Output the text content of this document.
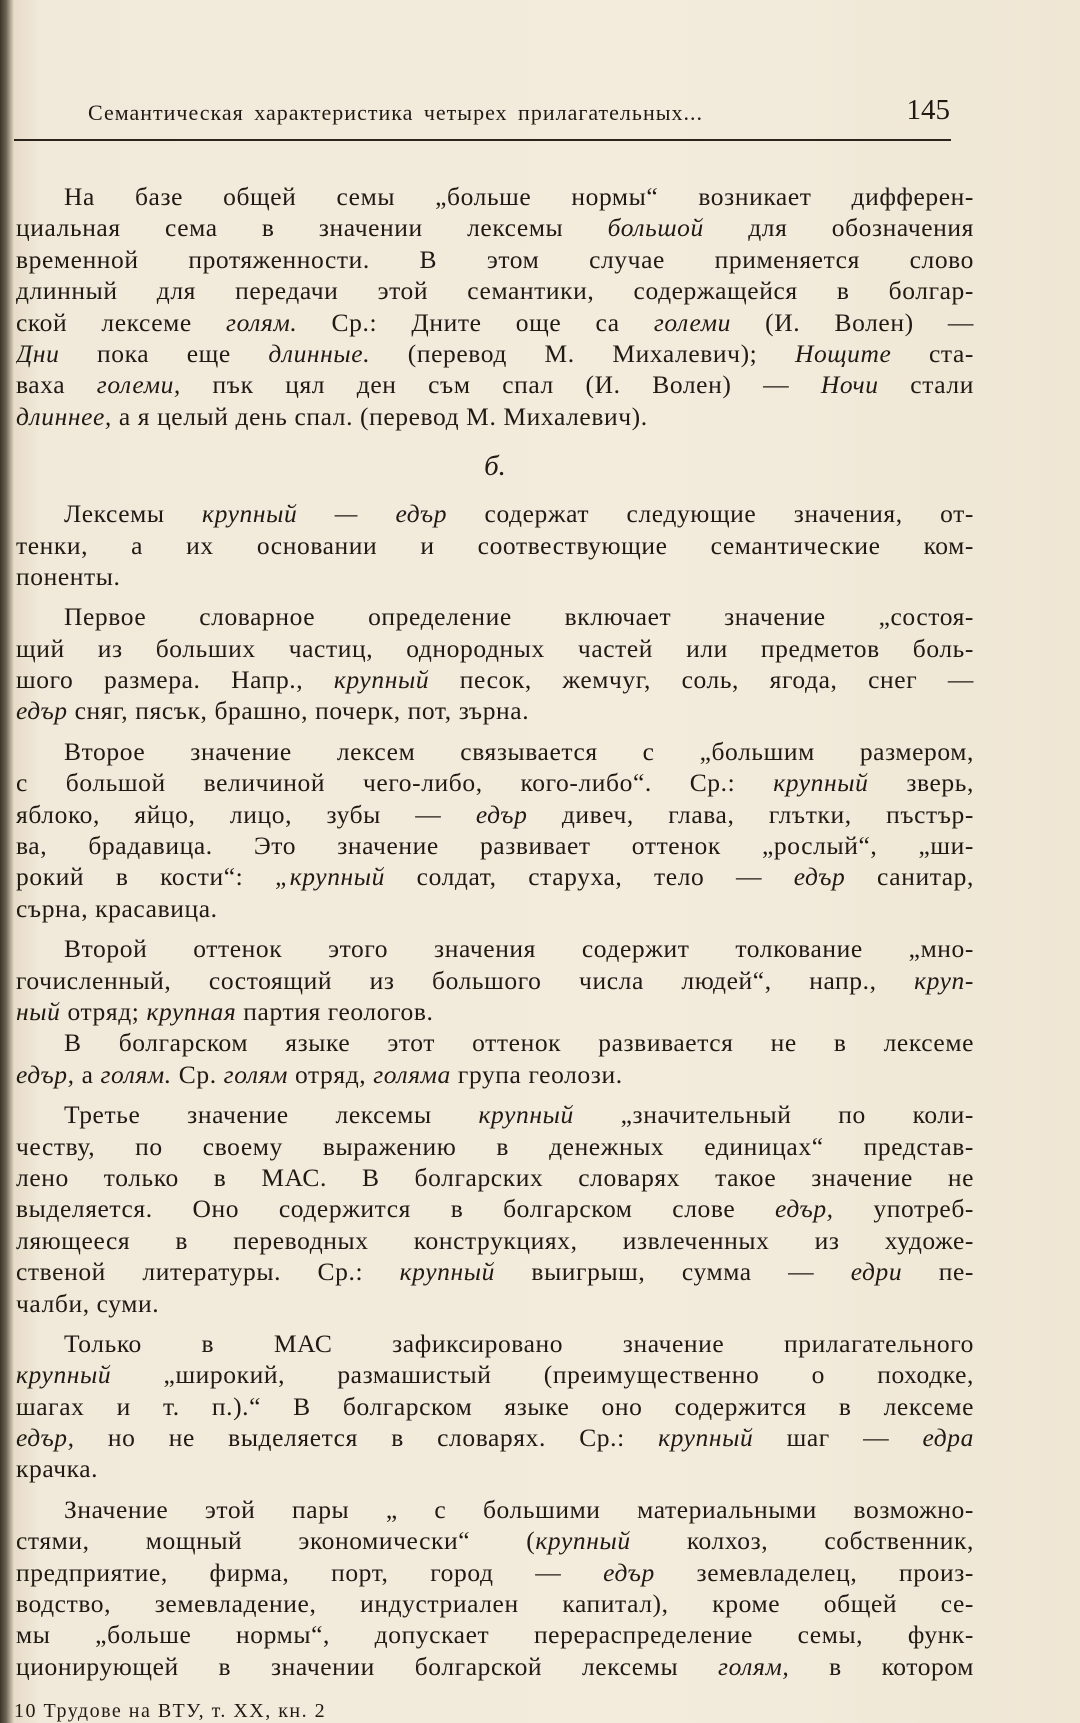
Семантическая характеристика четырех прилагательных...	145
На базе общей семы „больше нормы“ возникает дифферен-
циальная сема в значении лексемы большой для обозначения
временной протяженности. В этом случае применяется слово
длинный для передачи этой семантики, содержащейся в болгар-
ской лексеме голям. Ср.: Дните още са големи (И. Волен) —
Дни пока еще длинные. (перевод М. Михалевич); Нощите ста-
ваха големи, пък цял ден съм спал (И. Волен) — Ночи стали
длиннее, а я целый день спал. (перевод М. Михалевич).
б.
Лексемы крупный — едър содержат следующие значения, от-
тенки, а их основании и соотвествующие семантические ком-
поненты.
Первое словарное определение включает значение „состоя-
щий из больших частиц, однородных частей или предметов боль-
шого размера. Напр., крупный песок, жемчуг, соль, ягода, снег —
едър сняг, пясък, брашно, почерк, пот, зърна.
Второе значение лексем связывается с „большим размером,
с большой величиной чего-либо, кого-либо“. Ср.: крупный зверь,
яблоко, яйцо, лицо, зубы — едър дивеч, глава, глътки, пъстър-
ва, брадавица. Это значение развивает оттенок „рослый“, „ши-
рокий в кости“: „крупный солдат, старуха, тело — едър санитар,
сърна, красавица.
Второй оттенок этого значения содержит толкование „мно-
гочисленный, состоящий из большого числа людей“, напр., круп-
ный отряд; крупная партия геологов.
В болгарском языке этот оттенок развивается не в лексеме
едър, а голям. Ср. голям отряд, голяма група геолози.
Третье значение лексемы крупный „значительный по коли-
честву, по своему выражению в денежных единицах“ представ-
лено только в МАС. В болгарских словарях такое значение не
выделяется. Оно содержится в болгарском слове едър, употреб-
ляющееся в переводных конструкциях, извлеченных из художе-
ственой литературы. Ср.: крупный выигрыш, сумма — едри пе-
чалби, суми.
Только в МАС зафиксировано значение прилагательного
крупный „широкий, размашистый (преимущественно о походке,
шагах и т. п.).“ В болгарском языке оно содержится в лексеме
едър, но не выделяется в словарях. Ср.: крупный шаг — едра
крачка.
Значение этой пары „ с большими материальными возможно-
стями, мощный экономически“ (крупный колхоз, собственник,
предприятие, фирма, порт, город — едър земевладелец, произ-
водство, земевладение, индустриален капитал), кроме общей се-
мы „больше нормы“, допускает перераспределение семы, функ-
ционирующей в значении болгарской лексемы голям, в котором
10 Трудове на ВТУ, т. XX, кн. 2
